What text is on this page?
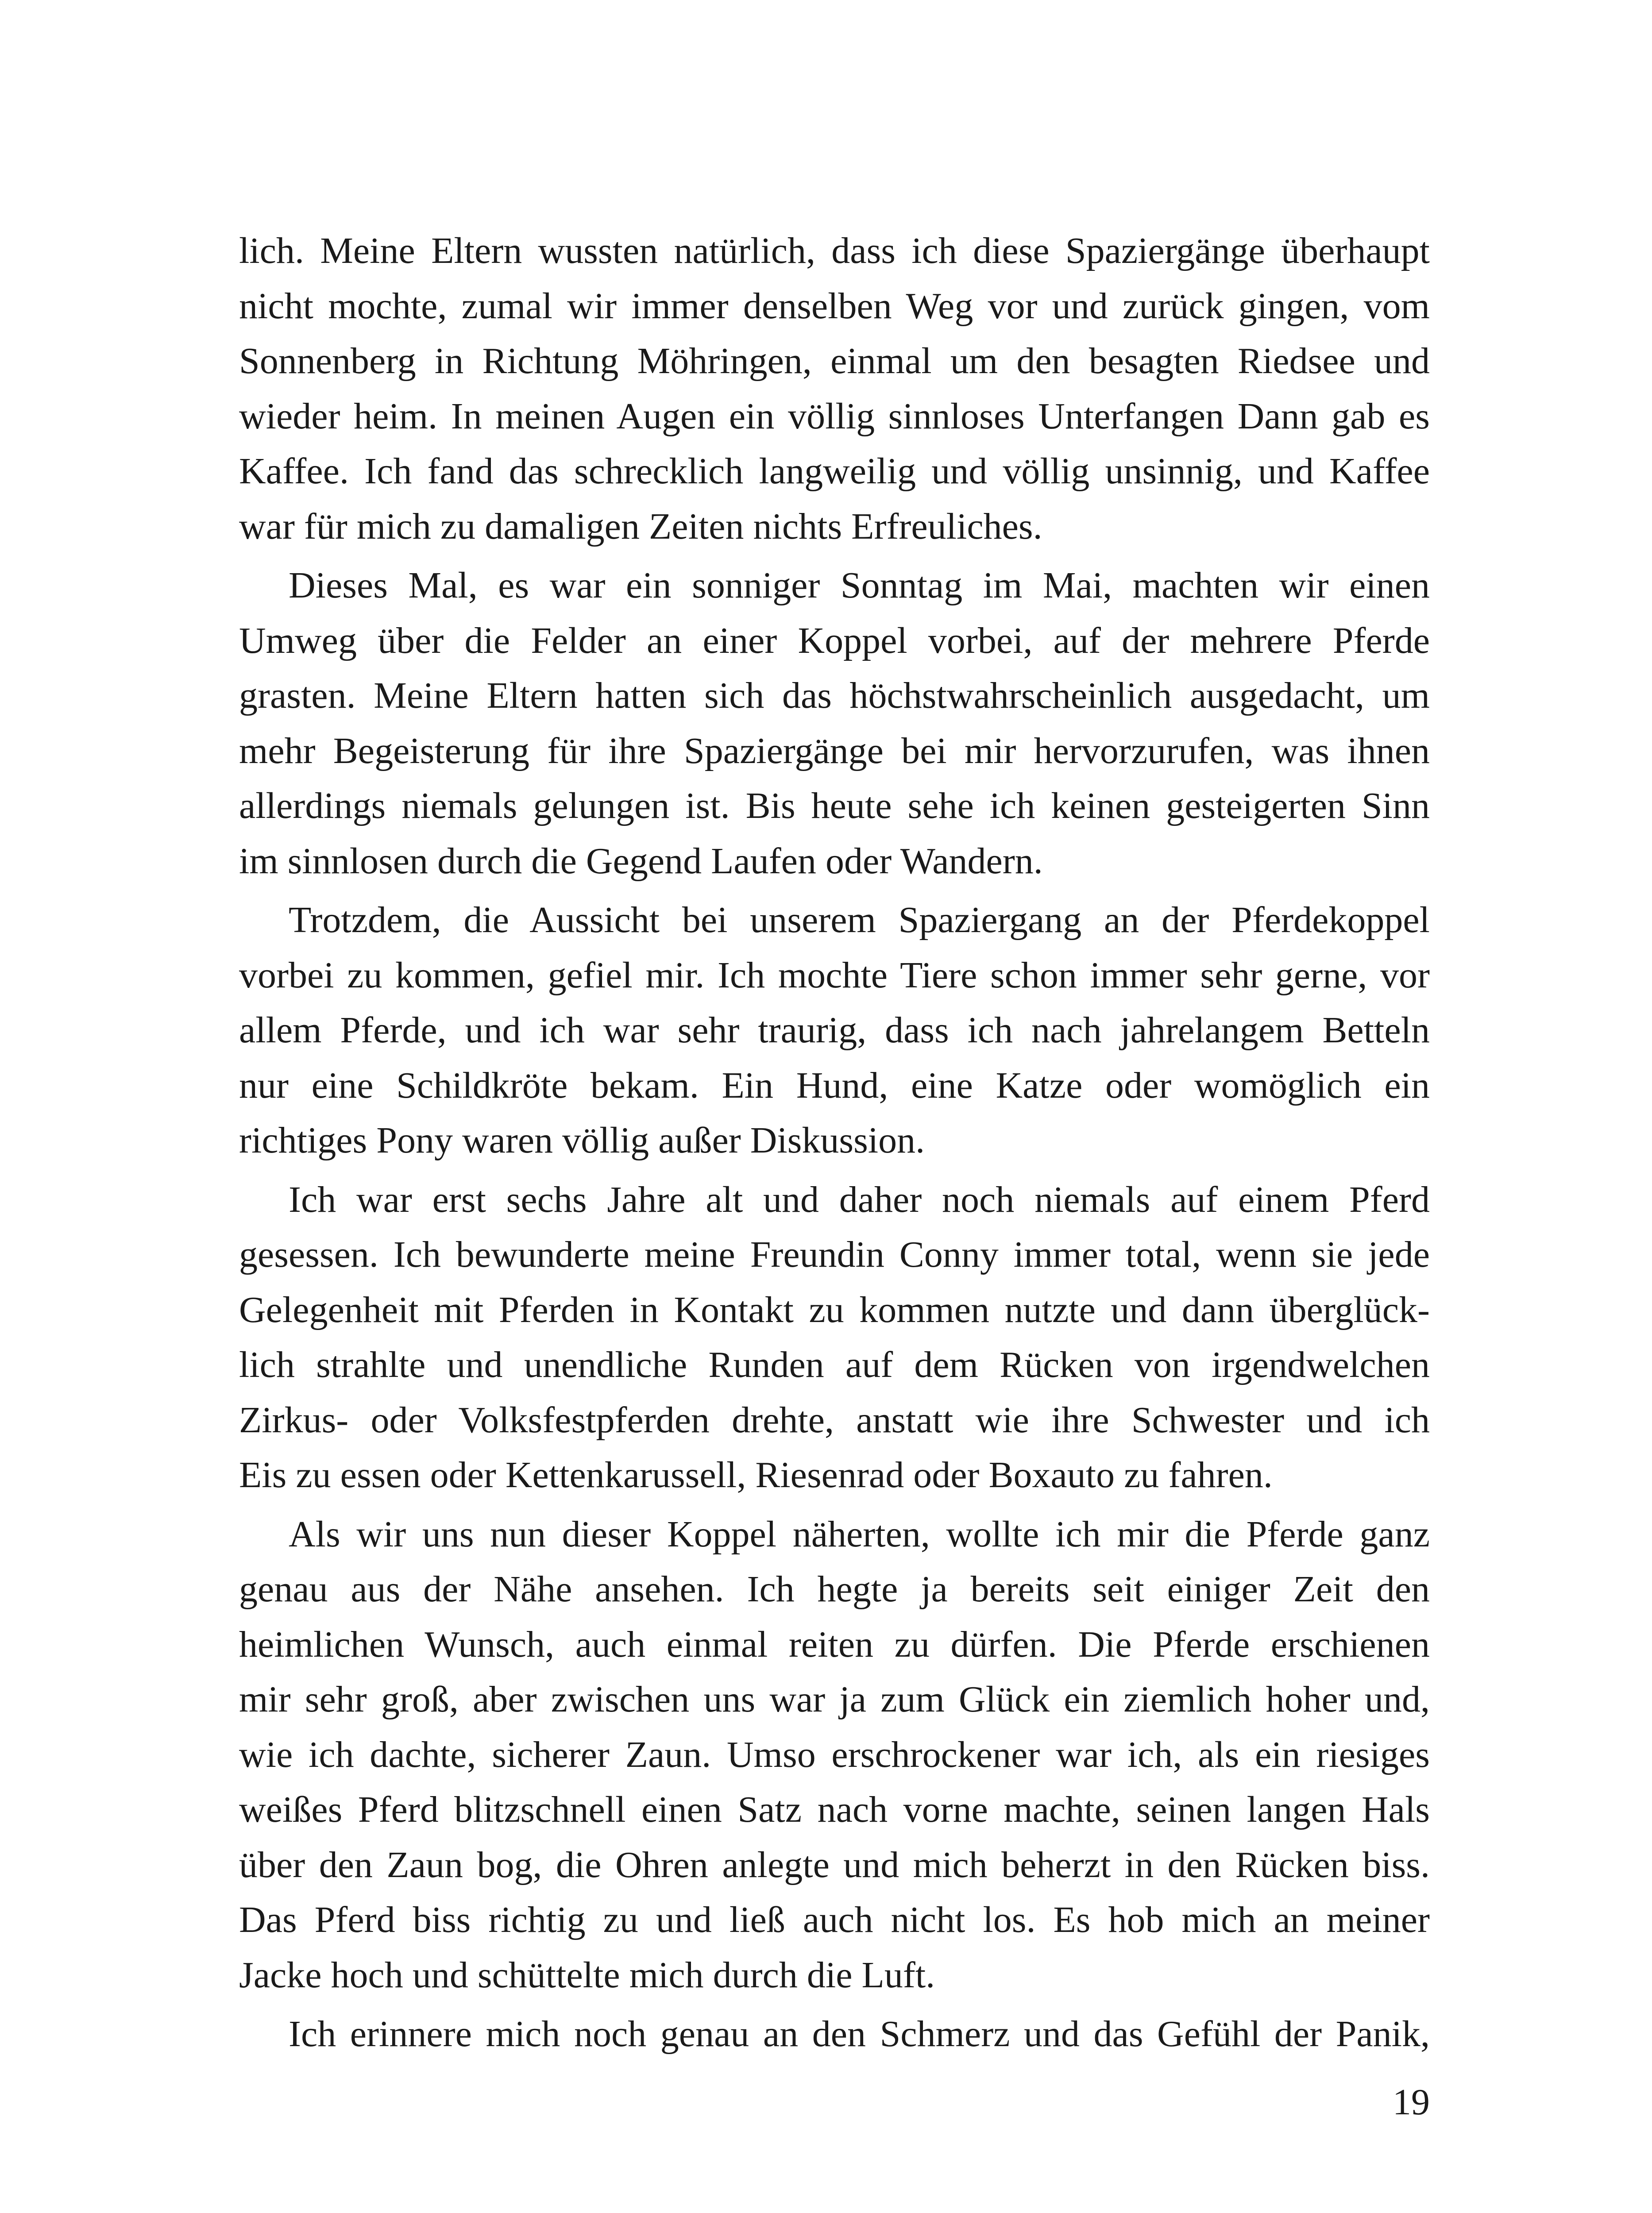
lich. Meine Eltern wussten natürlich, dass ich diese Spaziergänge überhaupt
nicht mochte, zumal wir immer denselben Weg vor und zurück gingen, vom
Sonnenberg in Richtung Möhringen, einmal um den besagten Riedsee und
wieder heim. In meinen Augen ein völlig sinnloses Unterfangen Dann gab es
Kaffee. Ich fand das schrecklich langweilig und völlig unsinnig, und Kaffee
war für mich zu damaligen Zeiten nichts Erfreuliches.
Dieses Mal, es war ein sonniger Sonntag im Mai, machten wir einen
Umweg über die Felder an einer Koppel vorbei, auf der mehrere Pferde
grasten. Meine Eltern hatten sich das höchstwahrscheinlich ausgedacht, um
mehr Begeisterung für ihre Spaziergänge bei mir hervorzurufen, was ihnen
allerdings niemals gelungen ist. Bis heute sehe ich keinen gesteigerten Sinn
im sinnlosen durch die Gegend Laufen oder Wandern.
Trotzdem, die Aussicht bei unserem Spaziergang an der Pferdekoppel
vorbei zu kommen, gefiel mir. Ich mochte Tiere schon immer sehr gerne, vor
allem Pferde, und ich war sehr traurig, dass ich nach jahrelangem Betteln
nur eine Schildkröte bekam. Ein Hund, eine Katze oder womöglich ein
richtiges Pony waren völlig außer Diskussion.
Ich war erst sechs Jahre alt und daher noch niemals auf einem Pferd
gesessen. Ich bewunderte meine Freundin Conny immer total, wenn sie jede
Gelegenheit mit Pferden in Kontakt zu kommen nutzte und dann überglück-
lich strahlte und unendliche Runden auf dem Rücken von irgendwelchen
Zirkus- oder Volksfestpferden drehte, anstatt wie ihre Schwester und ich
Eis zu essen oder Kettenkarussell, Riesenrad oder Boxauto zu fahren.
Als wir uns nun dieser Koppel näherten, wollte ich mir die Pferde ganz
genau aus der Nähe ansehen. Ich hegte ja bereits seit einiger Zeit den
heimlichen Wunsch, auch einmal reiten zu dürfen. Die Pferde erschienen
mir sehr groß, aber zwischen uns war ja zum Glück ein ziemlich hoher und,
wie ich dachte, sicherer Zaun. Umso erschrockener war ich, als ein riesiges
weißes Pferd blitzschnell einen Satz nach vorne machte, seinen langen Hals
über den Zaun bog, die Ohren anlegte und mich beherzt in den Rücken biss.
Das Pferd biss richtig zu und ließ auch nicht los. Es hob mich an meiner
Jacke hoch und schüttelte mich durch die Luft.
Ich erinnere mich noch genau an den Schmerz und das Gefühl der Panik,
19
